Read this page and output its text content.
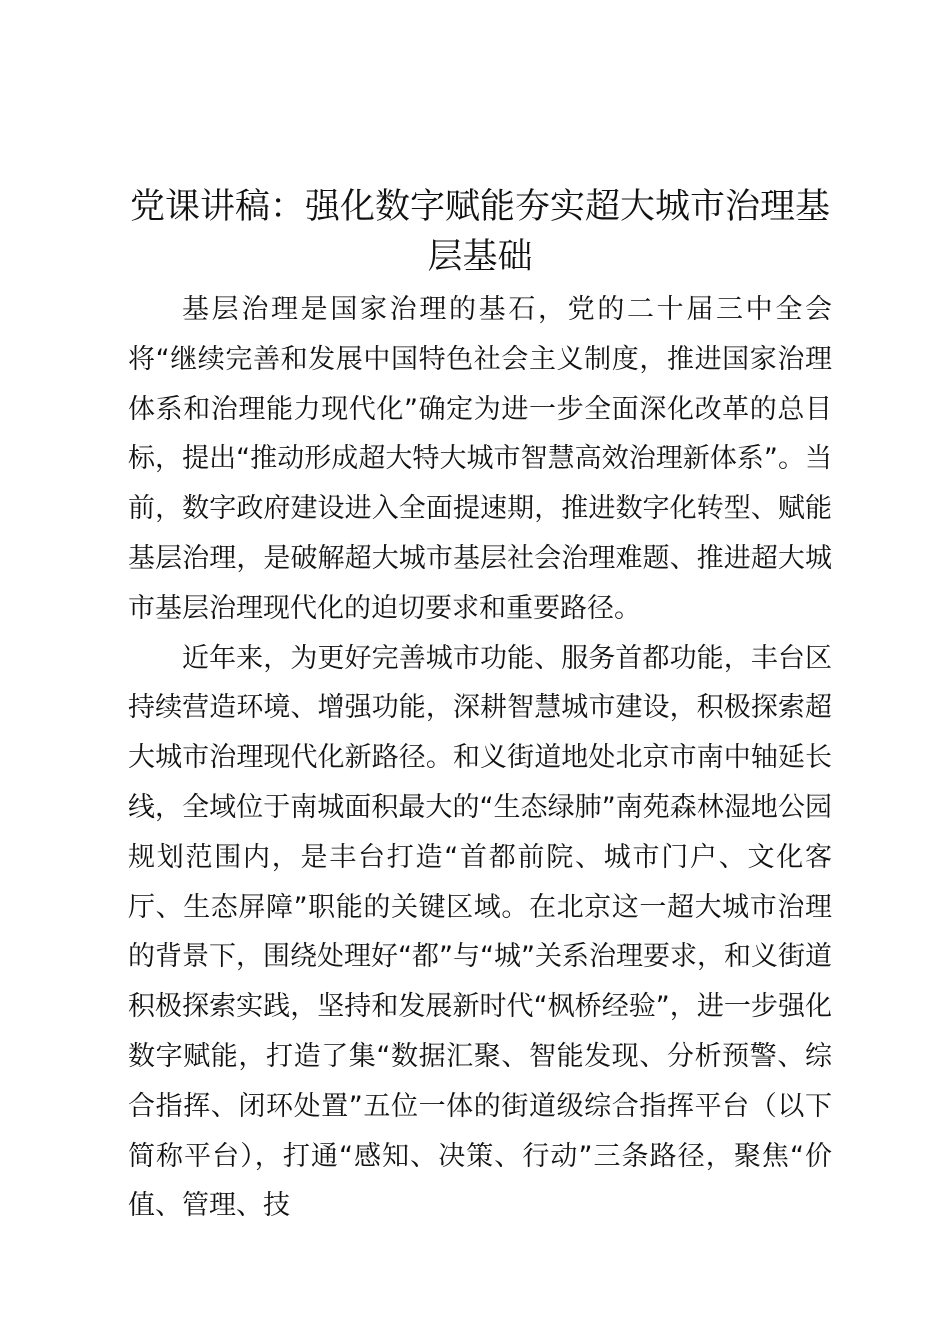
党课讲稿：强化数字赋能夯实超大城市治理基层基础

基层治理是国家治理的基石，党的二十届三中全会将“继续完善和发展中国特色社会主义制度，推进国家治理体系和治理能力现代化”确定为进一步全面深化改革的总目标，提出“推动形成超大特大城市智慧高效治理新体系”。当前，数字政府建设进入全面提速期，推进数字化转型、赋能基层治理，是破解超大城市基层社会治理难题、推进超大城市基层治理现代化的迫切要求和重要路径。

近年来，为更好完善城市功能、服务首都功能，丰台区持续营造环境、增强功能，深耕智慧城市建设，积极探索超大城市治理现代化新路径。和义街道地处北京市南中轴延长线，全域位于南城面积最大的“生态绿肺”南苑森林湿地公园规划范围内，是丰台打造“首都前院、城市门户、文化客厅、生态屏障”职能的关键区域。在北京这一超大城市治理的背景下，围绕处理好“都”与“城”关系治理要求，和义街道积极探索实践，坚持和发展新时代“枫桥经验”，进一步强化数字赋能，打造了集“数据汇聚、智能发现、分析预警、综合指挥、闭环处置”五位一体的街道级综合指挥平台（以下简称平台），打通“感知、决策、行动”三条路径，聚焦“价值、管理、技
